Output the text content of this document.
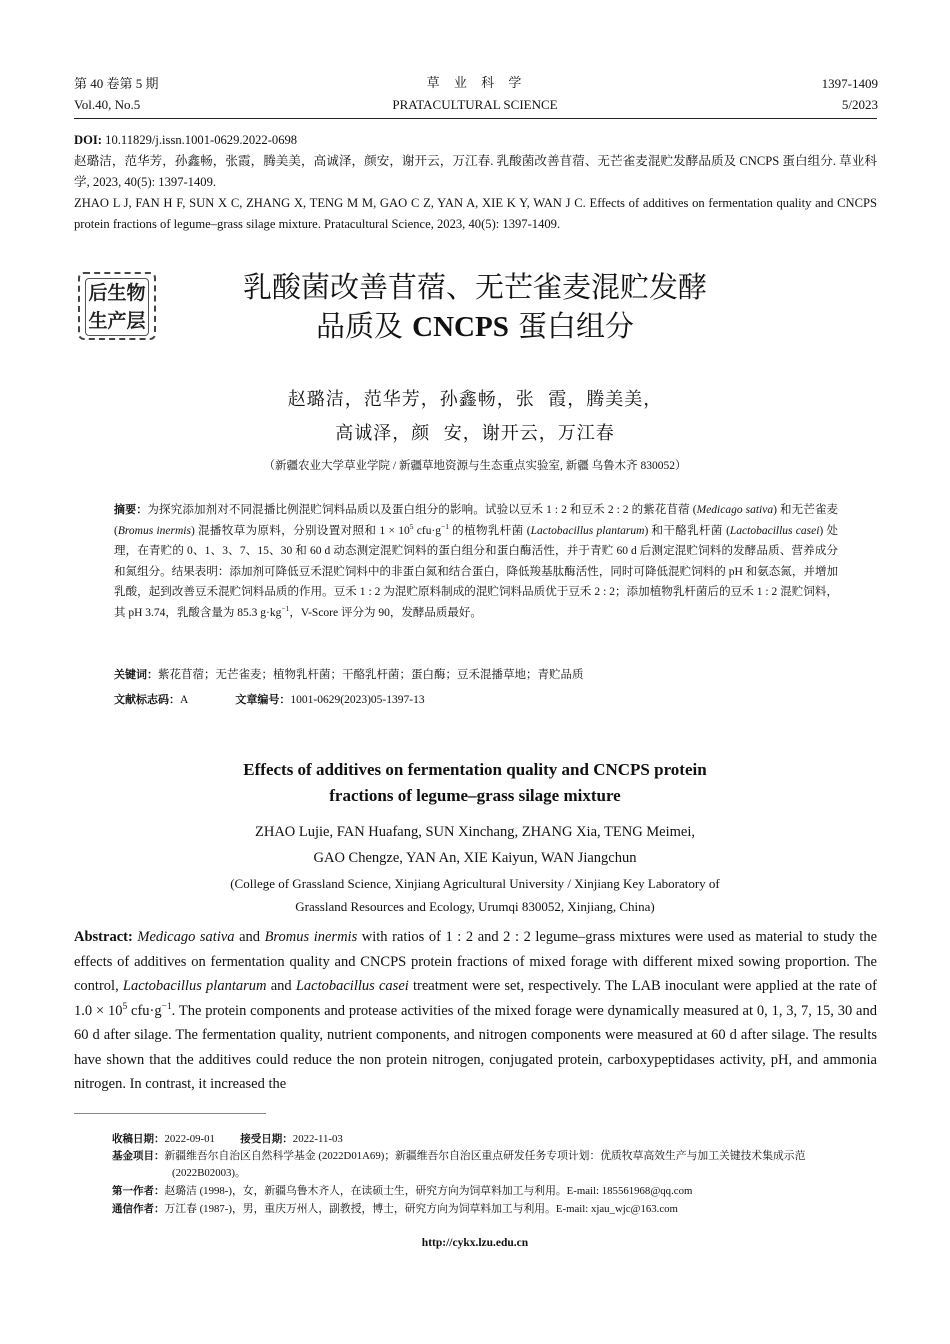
第 40 卷第 5 期
Vol.40, No.5
草  业  科  学
PRATACULTURAL SCIENCE
1397-1409
5/2023
DOI: 10.11829/j.issn.1001-0629.2022-0698
赵璐洁，范华芳，孙鑫畅，张霞，腾美美，高诚泽，颜安，谢开云，万江春. 乳酸菌改善苜蓿、无芒雀麦混贮发酵品质及 CNCPS 蛋白组分. 草业科学, 2023, 40(5): 1397-1409.
ZHAO L J, FAN H F, SUN X C, ZHANG X, TENG M M, GAO C Z, YAN A, XIE K Y, WAN J C. Effects of additives on fermentation quality and CNCPS protein fractions of legume–grass silage mixture. Pratacultural Science, 2023, 40(5): 1397-1409.
后生物
生产层
乳酸菌改善苜蓿、无芒雀麦混贮发酵
品质及 CNCPS 蛋白组分
赵璐洁，范华芳，孙鑫畅，张  霞，腾美美，
高诚泽，颜  安，谢开云，万江春
（新疆农业大学草业学院 / 新疆草地资源与生态重点实验室, 新疆 乌鲁木齐 830052）
摘要：为探究添加剂对不同混播比例混贮饲料品质以及蛋白组分的影响。试验以豆禾 1 : 2 和豆禾 2 : 2 的紫花苜蓿 (Medicago sativa) 和无芒雀麦 (Bromus inermis) 混播牧草为原料，分别设置对照和 $1 \times 10^5$ $cfu\cdot g^{-1}$ 的植物乳杆菌 (Lactobacillus plantarum) 和干酪乳杆菌 (Lactobacillus casei) 处理，在青贮的 0、1、3、7、15、30 和 60 d 动态测定混贮饲料的蛋白组分和蛋白酶活性，并于青贮 60 d 后测定混贮饲料的发酵品质、营养成分和氮组分。结果表明：添加剂可降低豆禾混贮饲料中的非蛋白氮和结合蛋白，降低羧基肽酶活性，同时可降低混贮饲料的 pH 和氨态氮，并增加乳酸，起到改善豆禾混贮饲料品质的作用。豆禾 1 : 2 为混贮原料制成的混贮饲料品质优于豆禾 2 : 2；添加植物乳杆菌后的豆禾 1 : 2 混贮饲料，其 pH 3.74，乳酸含量为 85.3 $g\cdot kg^{-1}$，V-Score 评分为 90，发酵品质最好。
关键词：紫花苜蓿；无芒雀麦；植物乳杆菌；干酪乳杆菌；蛋白酶；豆禾混播草地；青贮品质
文献标志码：A	文章编号：1001-0629(2023)05-1397-13
Effects of additives on fermentation quality and CNCPS protein
fractions of legume–grass silage mixture
ZHAO Lujie, FAN Huafang, SUN Xinchang, ZHANG Xia, TENG Meimei,
GAO Chengze, YAN An, XIE Kaiyun, WAN Jiangchun
(College of Grassland Science, Xinjiang Agricultural University / Xinjiang Key Laboratory of
Grassland Resources and Ecology, Urumqi 830052, Xinjiang, China)
Abstract: Medicago sativa and Bromus inermis with ratios of 1 : 2 and 2 : 2 legume–grass mixtures were used as material to study the effects of additives on fermentation quality and CNCPS protein fractions of mixed forage with different mixed sowing proportion. The control, Lactobacillus plantarum and Lactobacillus casei treatment were set, respectively. The LAB inoculant were applied at the rate of $1.0 \times 10^5$ $cfu\cdot g^{-1}$. The protein components and protease activities of the mixed forage were dynamically measured at 0, 1, 3, 7, 15, 30 and 60 d after silage. The fermentation quality, nutrient components, and nitrogen components were measured at 60 d after silage. The results have shown that the additives could reduce the non protein nitrogen, conjugated protein, carboxypeptidases activity, pH, and ammonia nitrogen. In contrast, it increased the
收稿日期：2022-09-01 接受日期：2022-11-03
基金项目：新疆维吾尔自治区自然科学基金 (2022D01A69)；新疆维吾尔自治区重点研发任务专项计划：优质牧草高效生产与加工关键技术集成示范 (2022B02003)。
第一作者：赵璐洁 (1998-)，女，新疆乌鲁木齐人，在读硕士生，研究方向为饲草料加工与利用。E-mail: 185561968@qq.com
通信作者：万江春 (1987-)，男，重庆万州人，副教授，博士，研究方向为饲草料加工与利用。E-mail: xjau_wjc@163.com
http://cykx.lzu.edu.cn
